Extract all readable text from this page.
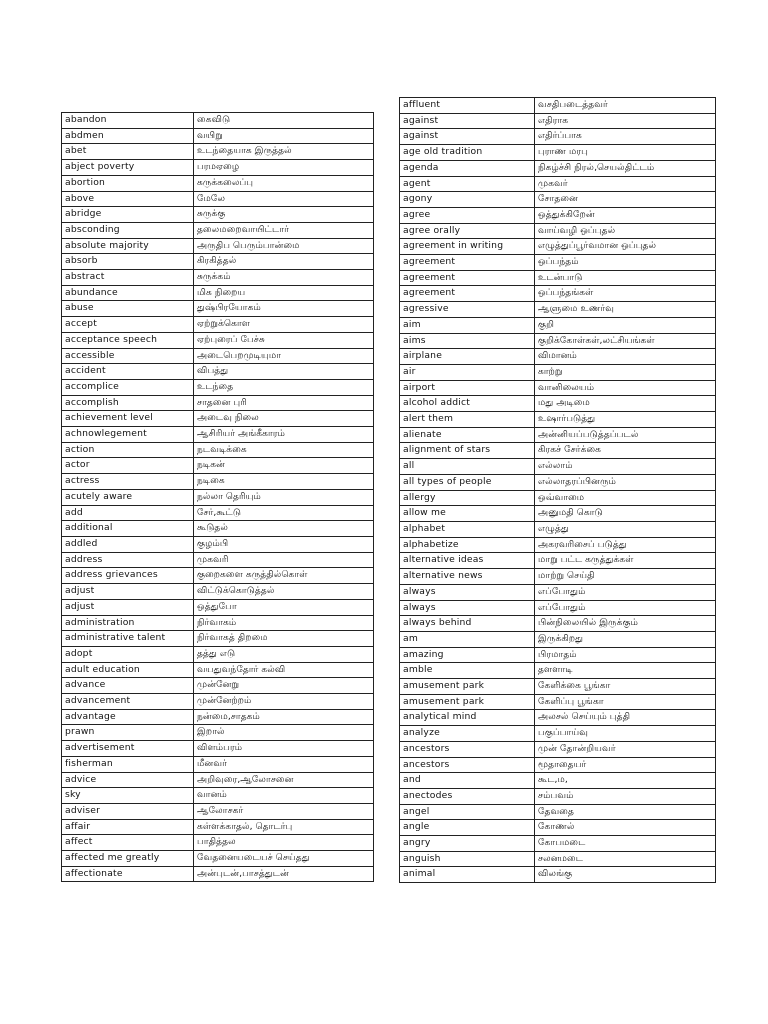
abandon	கைவிடு
abdmen	வயிறு
abet	உடந்தையாக இருத்தல்
abject poverty	பரமஏழை
abortion	கருக்கலைப்பு
above	மேலே
abridge	சுருக்கு
absconding	தலைமறைவாயிட்டார்
absolute majority	அருதிப பெரும்பான்மை
absorb	கிரகித்தல்
abstract	சுருக்கம்
abundance	மிக நிறைய
abuse	துஷ்பிரயோகம்
accept	ஏற்றுக்கொள
acceptance speech	ஏற்புரைப் பேச்சு
accessible	அடைபெறமுடியுமா
accident	விபத்து
accomplice	உடந்தை
accomplish	சாதனை புரி
achievement level	அடைவு நிலை
achnowlegement	ஆசிரியர் அங்கீகாரம்
action	நடவடிக்கை
actor	நடிகன்
actress	நடிகை
acutely aware	நல்லா தெரியும்
add	சேர்,கூட்டு
additional	கூடுதல்
addled	குழம்பி
address	முகவரி
address grievances	குறைகளை கருத்தில்கொள்
adjust	விட்டுக்கொடுத்தல்
adjust	ஒத்துபோ
administration	நிர்வாகம்
administrative talent	நிர்வாகத் திறமை
adopt	தத்து எடு
adult education	வயதுவந்தோர் கல்வி
advance	முன்னேறு
advancement	முன்னேற்றம்
advantage	நன்மை,சாதகம்
prawn	இறால்
advertisement	விளம்பரம்
fisherman	மீனவர்
advice	அறிவுரை,ஆலோசனை
sky	வானம்
adviser	ஆலோசகர்
affair	கள்ளக்காதல், தொடர்பு
affect	பாதித்தல
affected me greatly	வேதனையடையச் செய்தது
affectionate	அன்புடன்,பாசத்துடன்
affluent	வசதிபடைத்தவர்
against	எதிராக
against	எதிர்ப்பாக
age old tradition	புராண மரபு
agenda	நிகழ்ச்சி நிரல்,செயல்திட்டம்
agent	முகவர்
agony	சோதனை
agree	ஒத்துக்கிறேன்
agree orally	வாய்வழி ஒப்புதல்
agreement in writing	எழுத்துப்பூர்வமான ஒப்புதல்
agreement	ஒப்பந்தம்
agreement	உடன்பாடு
agreement	ஒப்பந்தங்கள்
agressive	ஆளுமை உணர்வு
aim	குறி
aims	குறிக்கோள்கள்,லட்சியங்கள்
airplane	விமானம்
air	காற்று
airport	வானிலையம்
alcohol addict	மது அடிமை
alert them	உஷார்படுத்து
alienate	அன்னியப்படுத்தப்படல்
alignment of stars	கிரகச் சேர்க்கை
all	எல்லாம்
all types of people	எல்லாதரப்பினரும்
allergy	ஒவ்வாமை
allow me	அனுமதி கொடு
alphabet	எழுத்து
alphabetize	அகரவரிசைப் படுத்து
alternative ideas	மாறு பட்ட கருத்துக்கள்
alternative news	மாற்று செய்தி
always	எப்போதும்
always	எப்போதும்
always behind	பின்நிலையில் இருக்கும்
am	இருக்கிறது
amazing	பிரமாதம்
amble	தளளாடி
amusement park	கேளிக்கை பூங்கா
amusement park	கேளிப்பு பூங்கா
analytical mind	அலசல் செய்யும் புத்தி
analyze	பகுப்பாய்வு
ancestors	முன் தோன்றியவர்
ancestors	மூதாதையர்
and	கூட,ம,
anectodes	சம்பவம்
angel	தேவதை
angle	கோணல்
angry	கோபமடை
anguish	சலனமடை
animal	விலங்கு
